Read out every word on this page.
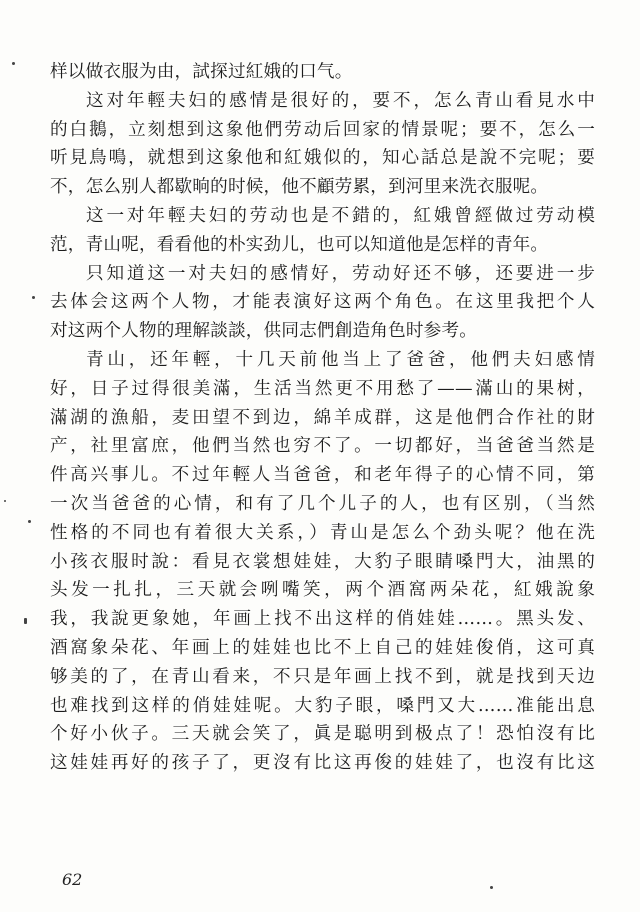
样以做衣服为由，試探过紅娥的口气。
这对年輕夫妇的感情是很好的，要不，怎么青山看見水中
的白鵝，立刻想到这象他們劳动后回家的情景呢；要不，怎么一
听見鳥鳴，就想到这象他和紅娥似的，知心話总是說不完呢；要
不，怎么别人都歇晌的时候，他不顧劳累，到河里来洗衣服呢。
这一对年輕夫妇的劳动也是不錯的，紅娥曾經做过劳动模
范，青山呢，看看他的朴实劲儿，也可以知道他是怎样的青年。
只知道这一对夫妇的感情好，劳动好还不够，还要进一步
去体会这两个人物，才能表演好这两个角色。在这里我把个人
对这两个人物的理解談談，供同志們創造角色时参考。
青山，还年輕，十几天前他当上了爸爸，他們夫妇感情
好，日子过得很美滿，生活当然更不用愁了——滿山的果树，
滿湖的漁船，麦田望不到边，綿羊成群，这是他們合作社的財
产，社里富庶，他們当然也穷不了。一切都好，当爸爸当然是
件高兴事儿。不过年輕人当爸爸，和老年得子的心情不同，第
一次当爸爸的心情，和有了几个儿子的人，也有区别，（当然
性格的不同也有着很大关系，）青山是怎么个劲头呢？他在洗
小孩衣服时說：看見衣裳想娃娃，大豹子眼睛嗓門大，油黑的
头发一扎扎，三天就会咧嘴笑，两个酒窩两朵花，紅娥說象
我，我說更象她，年画上找不出这样的俏娃娃……。黑头发、
酒窩象朵花、年画上的娃娃也比不上自己的娃娃俊俏，这可真
够美的了，在青山看来，不只是年画上找不到，就是找到天边
也难找到这样的俏娃娃呢。大豹子眼，嗓門又大……准能出息
个好小伙子。三天就会笑了，眞是聪明到极点了！恐怕沒有比
这娃娃再好的孩子了，更沒有比这再俊的娃娃了，也沒有比这
62
